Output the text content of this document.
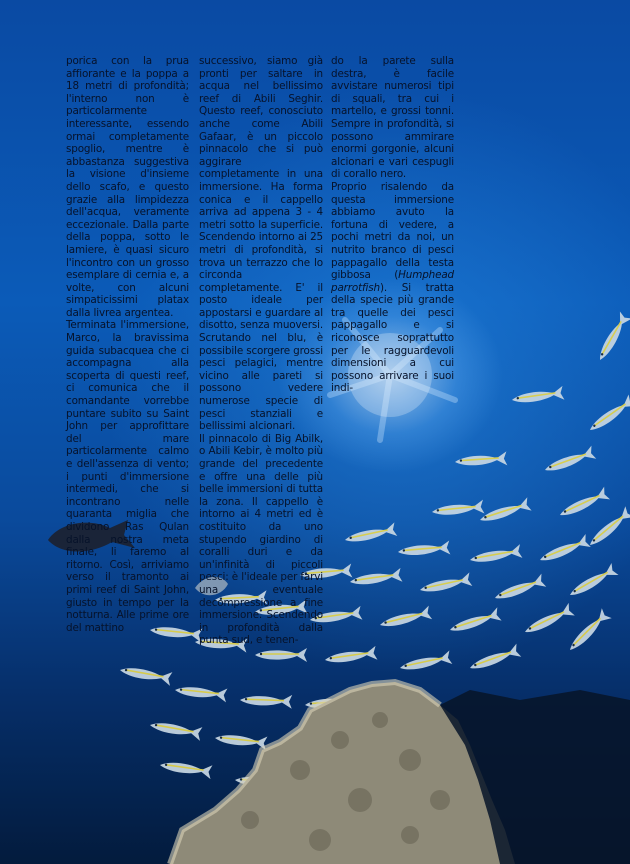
porica con la prua affiorante e la poppa a 18 metri di profondità; l'interno non è particolarmente interessante, essendo ormai completamente spoglio, mentre è abbastanza suggestiva la visione d'insieme dello scafo, e questo grazie alla limpidezza dell'acqua, veramente eccezionale. Dalla parte della poppa, sotto le lamiere, è quasi sicuro l'incontro con un grosso esemplare di cernia e, a volte, con alcuni simpaticissimi platax dalla livrea argentea.

Terminata l'immersione, Marco, la bravissima guida subacquea che ci accompagna alla scoperta di questi reef, ci comunica che il comandante vorrebbe puntare subito su Saint John per approfittare del mare particolarmente calmo e dell'assenza di vento; i punti d'immersione intermedi, che si incontrano nelle quaranta miglia che dividono Ras Qulan dalla nostra meta finale, li faremo al ritorno. Così, arriviamo verso il tramonto ai primi reef di Saint John, giusto in tempo per la notturna. Alle prime ore del mattino

successivo, siamo già pronti per saltare in acqua nel bellissimo reef di Abili Seghir. Questo reef, conosciuto anche come Abili Gafaar, è un piccolo pinnacolo che si può aggirare completamente in una immersione. Ha forma conica e il cappello arriva ad appena 3 - 4 metri sotto la superficie. Scendendo intorno ai 25 metri di profondità, si trova un terrazzo che lo circonda completamente. E' il posto ideale per appostarsi e guardare al disotto, senza muoversi. Scrutando nel blu, è possibile scorgere grossi pesci pelagici, mentre vicino alle pareti si possono vedere numerose specie di pesci stanziali e bellissimi alcionari.

Il pinnacolo di Big Abilk, o Abili Kebir, è molto più grande del precedente e offre una delle più belle immersioni di tutta la zona. Il cappello è intorno ai 4 metri ed è costituito da uno stupendo giardino di coralli duri e da un'infinità di piccoli pesci: è l'ideale per farvi una eventuale decompressione a fine immersione. Scendendo in profondità dalla punta sud, e tenen-

do la parete sulla destra, è facile avvistare numerosi tipi di squali, tra cui i martello, e grossi tonni. Sempre in profondità, si possono ammirare enormi gorgonie, alcuni alcionari e vari cespugli di corallo nero.

Proprio risalendo da questa immersione abbiamo avuto la fortuna di vedere, a pochi metri da noi, un nutrito branco di pesci pappagallo della testa gibbosa (Humphead parrotfish). Si tratta della specie più grande tra quelle dei pesci pappagallo e si riconosce soprattutto per le ragguardevoli dimensioni a cui possono arrivare i suoi indi-
